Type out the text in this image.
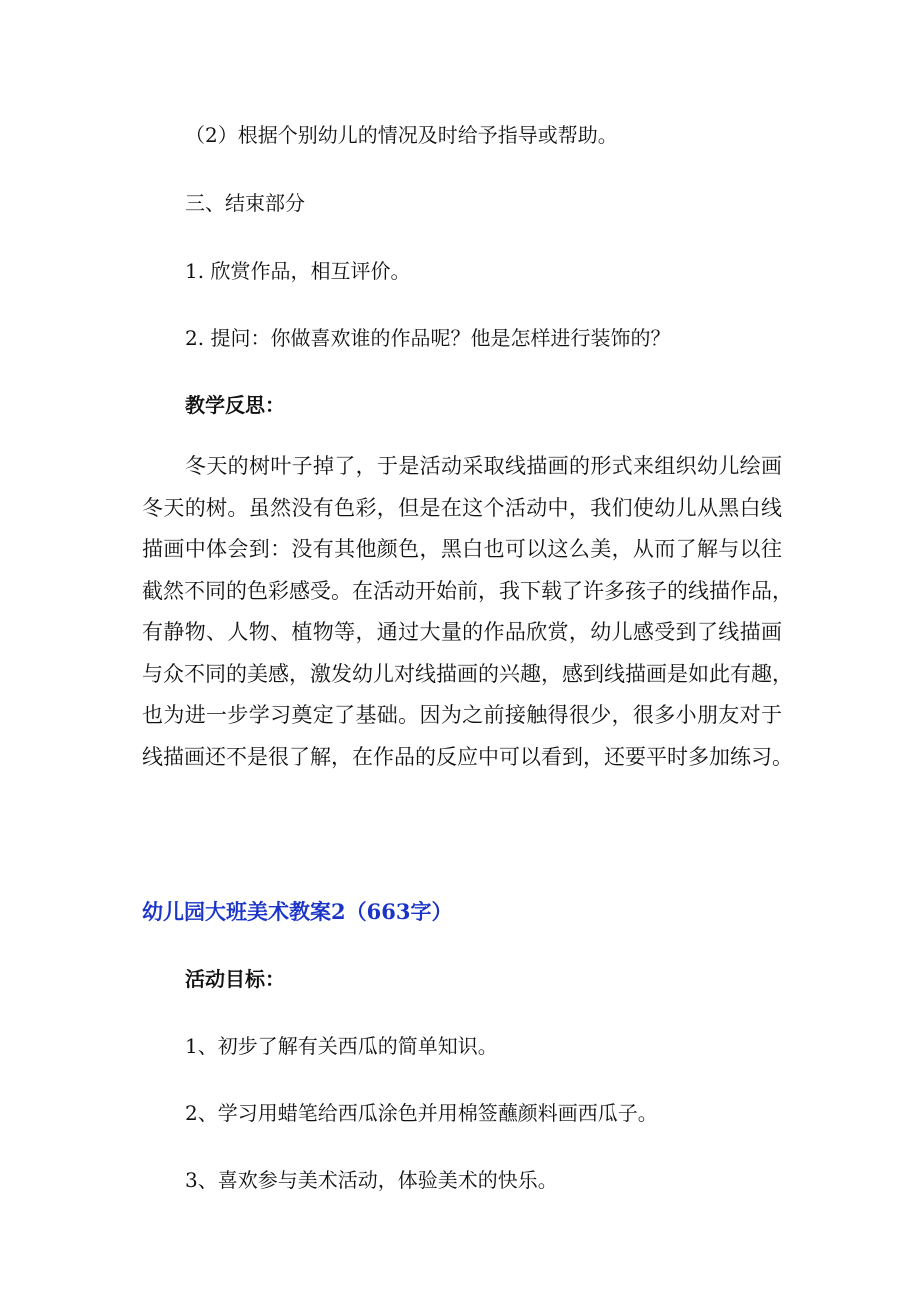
（2）根据个别幼儿的情况及时给予指导或帮助。
三、结束部分
1. 欣赏作品，相互评价。
2. 提问：你做喜欢谁的作品呢？他是怎样进行装饰的？
教学反思：
冬天的树叶子掉了，于是活动采取线描画的形式来组织幼儿绘画
冬天的树。虽然没有色彩，但是在这个活动中，我们使幼儿从黑白线
描画中体会到：没有其他颜色，黑白也可以这么美，从而了解与以往
截然不同的色彩感受。在活动开始前，我下载了许多孩子的线描作品，
有静物、人物、植物等，通过大量的作品欣赏，幼儿感受到了线描画
与众不同的美感，激发幼儿对线描画的兴趣，感到线描画是如此有趣，
也为进一步学习奠定了基础。因为之前接触得很少，很多小朋友对于
线描画还不是很了解，在作品的反应中可以看到，还要平时多加练习。
幼儿园大班美术教案2（663字）
活动目标：
1、初步了解有关西瓜的简单知识。
2、学习用蜡笔给西瓜涂色并用棉签蘸颜料画西瓜子。
3、喜欢参与美术活动，体验美术的快乐。
